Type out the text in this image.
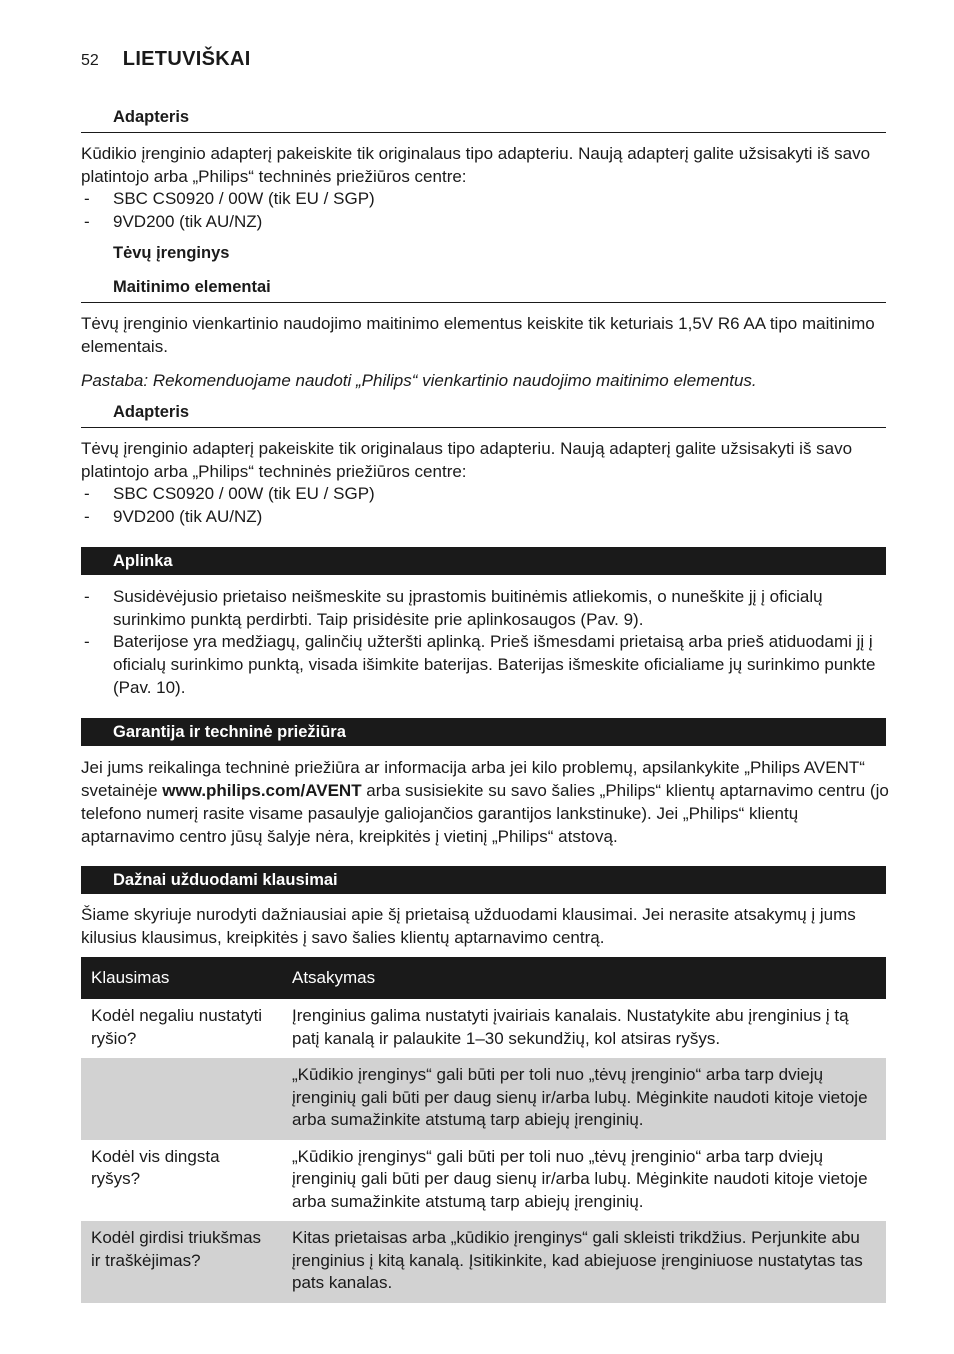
52 LIETUVIŠKAI
Adapteris

Kūdikio įrenginio adapterį pakeiskite tik originalaus tipo adapteriu. Naują adapterį galite užsisakyti iš savo platintojo arba „Philips“ techninės priežiūros centre:

- SBC CS0920 / 00W (tik EU / SGP)
- 9VD200 (tik AU/NZ)
Tėvų įrenginys
Maitinimo elementai

Tėvų įrenginio vienkartinio naudojimo maitinimo elementus keiskite tik keturiais 1,5V R6 AA tipo maitinimo elementais.

Pastaba: Rekomenduojame naudoti „Philips“ vienkartinio naudojimo maitinimo elementus.

Adapteris

Tėvų įrenginio adapterį pakeiskite tik originalaus tipo adapteriu. Naują adapterį galite užsisakyti iš savo platintojo arba „Philips“ techninės priežiūros centre:

- SBC CS0920 / 00W (tik EU / SGP)
- 9VD200 (tik AU/NZ)
Aplinka
- Susidėvėjusio prietaiso neišmeskite su įprastomis buitinėmis atliekomis, o nuneškite jį į oficialų surinkimo punktą perdirbti. Taip prisidėsite prie aplinkosaugos (Pav. 9).
- Baterijose yra medžiagų, galinčių užteršti aplinką. Prieš išmesdami prietaisą arba prieš atiduodami jį į oficialų surinkimo punktą, visada išimkite baterijas. Baterijas išmeskite oficialiame jų surinkimo punkte (Pav. 10).
Garantija ir techninė priežiūra

Jei jums reikalinga techninė priežiūra ar informacija arba jei kilo problemų, apsilankykite „Philips AVENT“ svetainėje www.philips.com/AVENT arba susisiekite su savo šalies „Philips“ klientų aptarnavimo centru (jo telefono numerį rasite visame pasaulyje galiojančios garantijos lankstinuke). Jei „Philips“ klientų aptarnavimo centro jūsų šalyje nėra, kreipkitės į vietinį „Philips“ atstovą.

Dažnai užduodami klausimai

Šiame skyriuje nurodyti dažniausiai apie šį prietaisą užduodami klausimai. Jei nerasite atsakymų į jums kilusius klausimus, kreipkitės į savo šalies klientų aptarnavimo centrą.

Klausimas	Atsakymas
Kodėl negaliu nustatyti ryšio?	Įrenginius galima nustatyti įvairiais kanalais. Nustatykite abu įrenginius į tą patį kanalą ir palaukite 1–30 sekundžių, kol atsiras ryšys.
	„Kūdikio įrenginys“ gali būti per toli nuo „tėvų įrenginio“ arba tarp dviejų įrenginių gali būti per daug sienų ir/arba lubų. Mėginkite naudoti kitoje vietoje arba sumažinkite atstumą tarp abiejų įrenginių.
Kodėl vis dingsta ryšys?	„Kūdikio įrenginys“ gali būti per toli nuo „tėvų įrenginio“ arba tarp dviejų įrenginių gali būti per daug sienų ir/arba lubų. Mėginkite naudoti kitoje vietoje arba sumažinkite atstumą tarp abiejų įrenginių.
Kodėl girdisi triukšmas ir traškėjimas?	Kitas prietaisas arba „kūdikio įrenginys“ gali skleisti trikdžius. Perjunkite abu įrenginius į kitą kanalą. Įsitikinkite, kad abiejuose įrenginiuose nustatytas tas pats kanalas.
